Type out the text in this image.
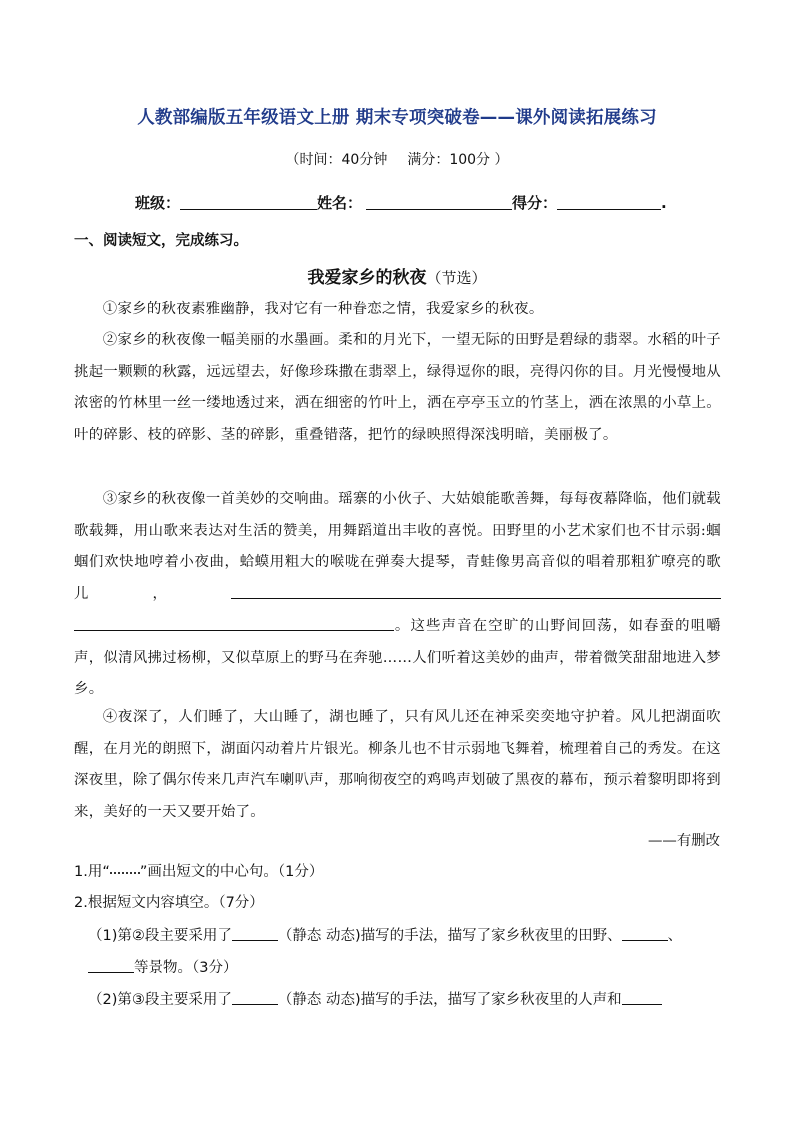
人教部编版五年级语文上册 期末专项突破卷——课外阅读拓展练习
（时间：40分钟 满分：100分 ）
班级：	姓名：	得分：	.
一、阅读短文，完成练习。
我爱家乡的秋夜（节选）
①家乡的秋夜素雅幽静，我对它有一种眷恋之情，我爱家乡的秋夜。
②家乡的秋夜像一幅美丽的水墨画。柔和的月光下，一望无际的田野是碧绿的翡翠。水稻的叶子挑起一颗颗的秋露，远远望去，好像珍珠撒在翡翠上，绿得逗你的眼，亮得闪你的目。月光慢慢地从浓密的竹林里一丝一缕地透过来，洒在细密的竹叶上，洒在亭亭玉立的竹茎上，洒在浓黑的小草上。叶的碎影、枝的碎影、茎的碎影，重叠错落，把竹的绿映照得深浅明暗，美丽极了。
③家乡的秋夜像一首美妙的交响曲。瑶寨的小伙子、大姑娘能歌善舞，每每夜幕降临，他们就载歌载舞，用山歌来表达对生活的赞美，用舞蹈道出丰收的喜悦。田野里的小艺术家们也不甘示弱:蝈蝈们欢快地哼着小夜曲，蛤蟆用粗大的喉咙在弹奏大提琴，青蛙像男高音似的唱着那粗犷嘹亮的歌儿，。这些声音在空旷的山野间回荡，如春蚕的咀嚼声，似清风拂过杨柳，又似草原上的野马在奔驰……人们听着这美妙的曲声，带着微笑甜甜地进入梦乡。
④夜深了，人们睡了，大山睡了，湖也睡了，只有风儿还在神采奕奕地守护着。风儿把湖面吹醒，在月光的朗照下，湖面闪动着片片银光。柳条儿也不甘示弱地飞舞着，梳理着自己的秀发。在这深夜里，除了偶尔传来几声汽车喇叭声，那响彻夜空的鸡鸣声划破了黑夜的幕布，预示着黎明即将到来，美好的一天又要开始了。
——有删改
1.用“ ”画出短文的中心句。（1分）
2.根据短文内容填空。（7分）
（1)第②段主要采用了	（静态 动态)描写的手法，描写了家乡秋夜里的田野、	、
等景物。（3分）
（2)第③段主要采用了	（静态 动态)描写的手法，描写了家乡秋夜里的人声和
